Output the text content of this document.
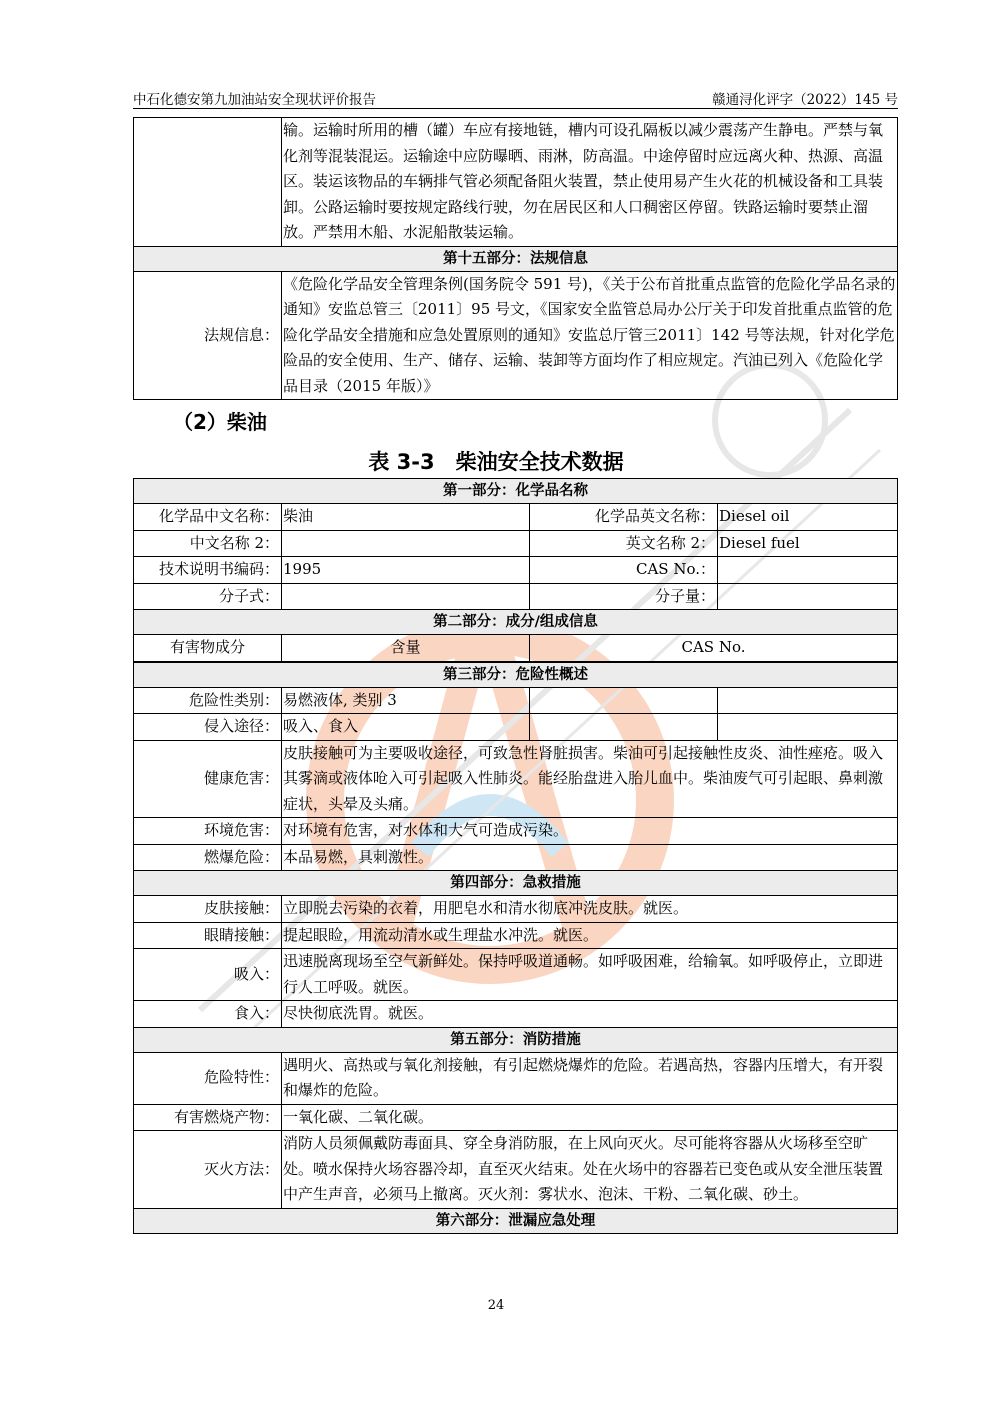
中石化德安第九加油站安全现状评价报告	赣通浔化评字（2022）145 号
	输。运输时所用的槽（罐）车应有接地链，槽内可设孔隔板以减少震荡产生静电。严禁与氧化剂等混装混运。运输途中应防曝晒、雨淋，防高温。中途停留时应远离火种、热源、高温区。装运该物品的车辆排气管必须配备阻火装置，禁止使用易产生火花的机械设备和工具装卸。公路运输时要按规定路线行驶，勿在居民区和人口稠密区停留。铁路运输时要禁止溜放。严禁用木船、水泥船散装运输。
第十五部分：法规信息	
法规信息：	《危险化学品安全管理条例(国务院令 591 号)，《关于公布首批重点监管的危险化学品名录的通知》安监总管三〔2011〕95 号文，《国家安全监管总局办公厅关于印发首批重点监管的危险化学品安全措施和应急处置原则的通知》安监总厅管三2011〕142 号等法规，针对化学危险品的安全使用、生产、储存、运输、装卸等方面均作了相应规定。汽油已列入《危险化学品目录（2015 年版）》
（2）柴油
表 3-3　柴油安全技术数据
第一部分：化学品名称			
化学品中文名称：	柴油	化学品英文名称：	Diesel oil
中文名称 2：		英文名称 2：	Diesel fuel
技术说明书编码：	1995	CAS No.：	
分子式：		分子量：	
第二部分：成分/组成信息			
有害物成分	含量	CAS No.	

第三部分：危险性概述			
危险性类别：	易燃液体, 类别 3		
侵入途径：	吸入、食入		
健康危害：	皮肤接触可为主要吸收途径，可致急性肾脏损害。柴油可引起接触性皮炎、油性痤疮。吸入其雾滴或液体呛入可引起吸入性肺炎。能经胎盘进入胎儿血中。柴油废气可引起眼、鼻刺激症状，头晕及头痛。		
环境危害：	对环境有危害，对水体和大气可造成污染。		
燃爆危险：	本品易燃，具刺激性。		
第四部分：急救措施			
皮肤接触：	立即脱去污染的衣着，用肥皂水和清水彻底冲洗皮肤。就医。		
眼睛接触：	提起眼睑，用流动清水或生理盐水冲洗。就医。		
吸入：	迅速脱离现场至空气新鲜处。保持呼吸道通畅。如呼吸困难，给输氧。如呼吸停止，立即进行人工呼吸。就医。		
食入：	尽快彻底洗胃。就医。		
第五部分：消防措施			
危险特性：	遇明火、高热或与氧化剂接触，有引起燃烧爆炸的危险。若遇高热，容器内压增大，有开裂和爆炸的危险。		
有害燃烧产物：	一氧化碳、二氧化碳。		
灭火方法：	消防人员须佩戴防毒面具、穿全身消防服，在上风向灭火。尽可能将容器从火场移至空旷处。喷水保持火场容器冷却，直至灭火结束。处在火场中的容器若已变色或从安全泄压装置中产生声音，必须马上撤离。灭火剂：雾状水、泡沫、干粉、二氧化碳、砂土。		
第六部分：泄漏应急处理			
24
